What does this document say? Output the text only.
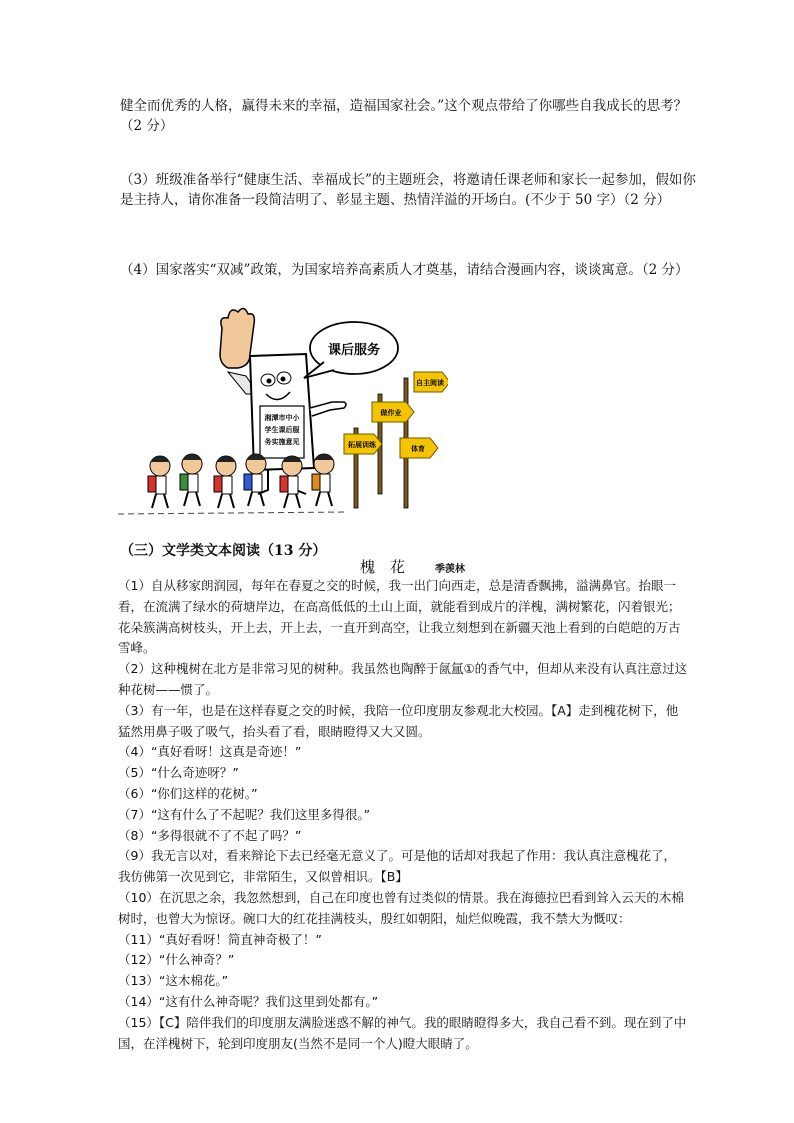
健全而优秀的人格，赢得未来的幸福，造福国家社会。”这个观点带给了你哪些自我成长的思考？（2 分）

（3）班级准备举行“健康生活、幸福成长”的主题班会，将邀请任课老师和家长一起参加，假如你是主持人，请你准备一段简洁明了、彰显主题、热情洋溢的开场白。(不少于 50 字）（2 分）

（4）国家落实“双减”政策，为国家培养高素质人才奠基，请结合漫画内容，谈谈寓意。（2 分）

湘潭市中小
学生课后服
务实施意见
课后服务
自主阅读
做作业
拓展训练	体育
（三）文学类文本阅读（13 分）
槐　花	季羡林

（1）自从移家朗润园，每年在春夏之交的时候，我一出门向西走，总是清香飘拂，溢满鼻官。抬眼一看，在流满了绿水的荷塘岸边，在高高低低的土山上面，就能看到成片的洋槐，满树繁花，闪着银光；花朵簇满高树枝头，开上去，开上去，一直开到高空，让我立刻想到在新疆天池上看到的白皑皑的万古雪峰。

（2）这种槐树在北方是非常习见的树种。我虽然也陶醉于氤氲①的香气中，但却从来没有认真注意过这种花树——惯了。

（3）有一年，也是在这样春夏之交的时候，我陪一位印度朋友参观北大校园。【A】走到槐花树下，他猛然用鼻子吸了吸气，抬头看了看，眼睛瞪得又大又圆。

（4）“真好看呀！这真是奇迹！”

（5）“什么奇迹呀？”

（6）“你们这样的花树。”

（7）“这有什么了不起呢？我们这里多得很。”

（8）“多得很就不了不起了吗？”

（9）我无言以对，看来辩论下去已经毫无意义了。可是他的话却对我起了作用：我认真注意槐花了，我仿佛第一次见到它，非常陌生，又似曾相识。【B】

（10）在沉思之余，我忽然想到，自己在印度也曾有过类似的情景。我在海德拉巴看到耸入云天的木棉树时，也曾大为惊讶。碗口大的红花挂满枝头，殷红如朝阳，灿烂似晚霞，我不禁大为慨叹：

（11）“真好看呀！简直神奇极了！”

（12）“什么神奇？”

（13）“这木棉花。”

（14）“这有什么神奇呢？我们这里到处都有。”

（15）【C】陪伴我们的印度朋友满脸迷惑不解的神气。我的眼睛瞪得多大，我自己看不到。现在到了中国，在洋槐树下，轮到印度朋友(当然不是同一个人)瞪大眼睛了。
